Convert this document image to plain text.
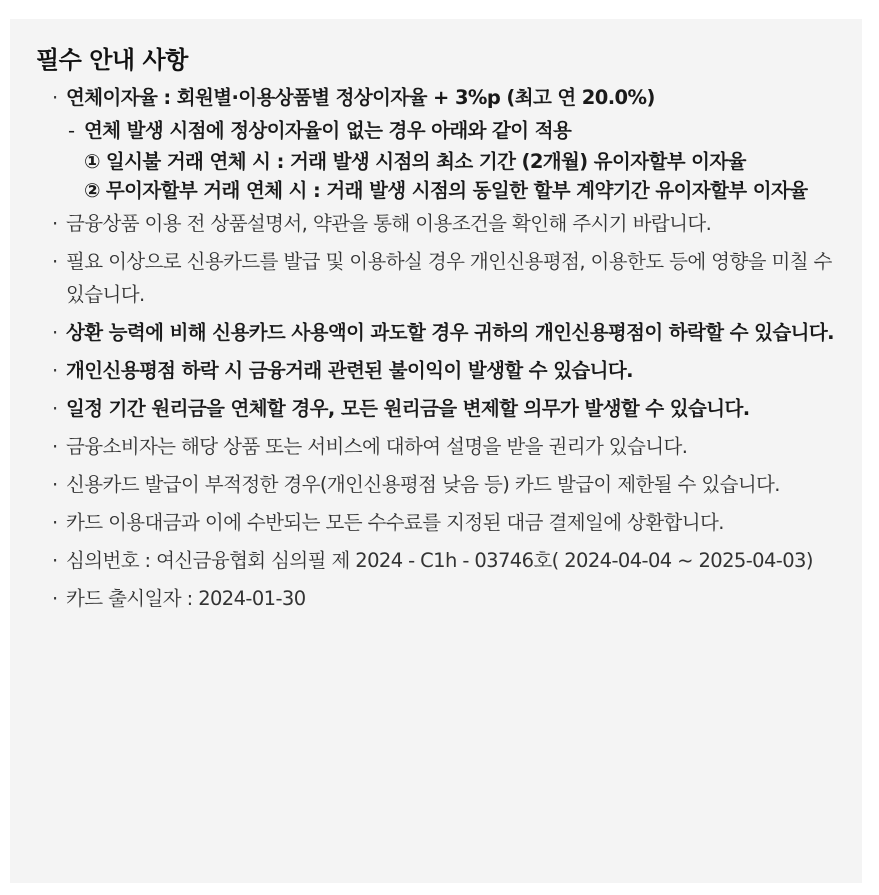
필수 안내 사항
· 연체이자율 : 회원별·이용상품별 정상이자율 + 3%p (최고 연 20.0%)
- 연체 발생 시점에 정상이자율이 없는 경우 아래와 같이 적용
① 일시불 거래 연체 시 : 거래 발생 시점의 최소 기간 (2개월) 유이자할부 이자율
② 무이자할부 거래 연체 시 : 거래 발생 시점의 동일한 할부 계약기간 유이자할부 이자율
· 금융상품 이용 전 상품설명서, 약관을 통해 이용조건을 확인해 주시기 바랍니다.
· 필요 이상으로 신용카드를 발급 및 이용하실 경우 개인신용평점, 이용한도 등에 영향을 미칠 수 있습니다.
· 상환 능력에 비해 신용카드 사용액이 과도할 경우 귀하의 개인신용평점이 하락할 수 있습니다.
· 개인신용평점 하락 시 금융거래 관련된 불이익이 발생할 수 있습니다.
· 일정 기간 원리금을 연체할 경우, 모든 원리금을 변제할 의무가 발생할 수 있습니다.
· 금융소비자는 해당 상품 또는 서비스에 대하여 설명을 받을 권리가 있습니다.
· 신용카드 발급이 부적정한 경우(개인신용평점 낮음 등) 카드 발급이 제한될 수 있습니다.
· 카드 이용대금과 이에 수반되는 모든 수수료를 지정된 대금 결제일에 상환합니다.
· 심의번호 : 여신금융협회 심의필 제 2024 - C1h - 03746호( 2024-04-04 ~ 2025-04-03)
· 카드 출시일자 : 2024-01-30
